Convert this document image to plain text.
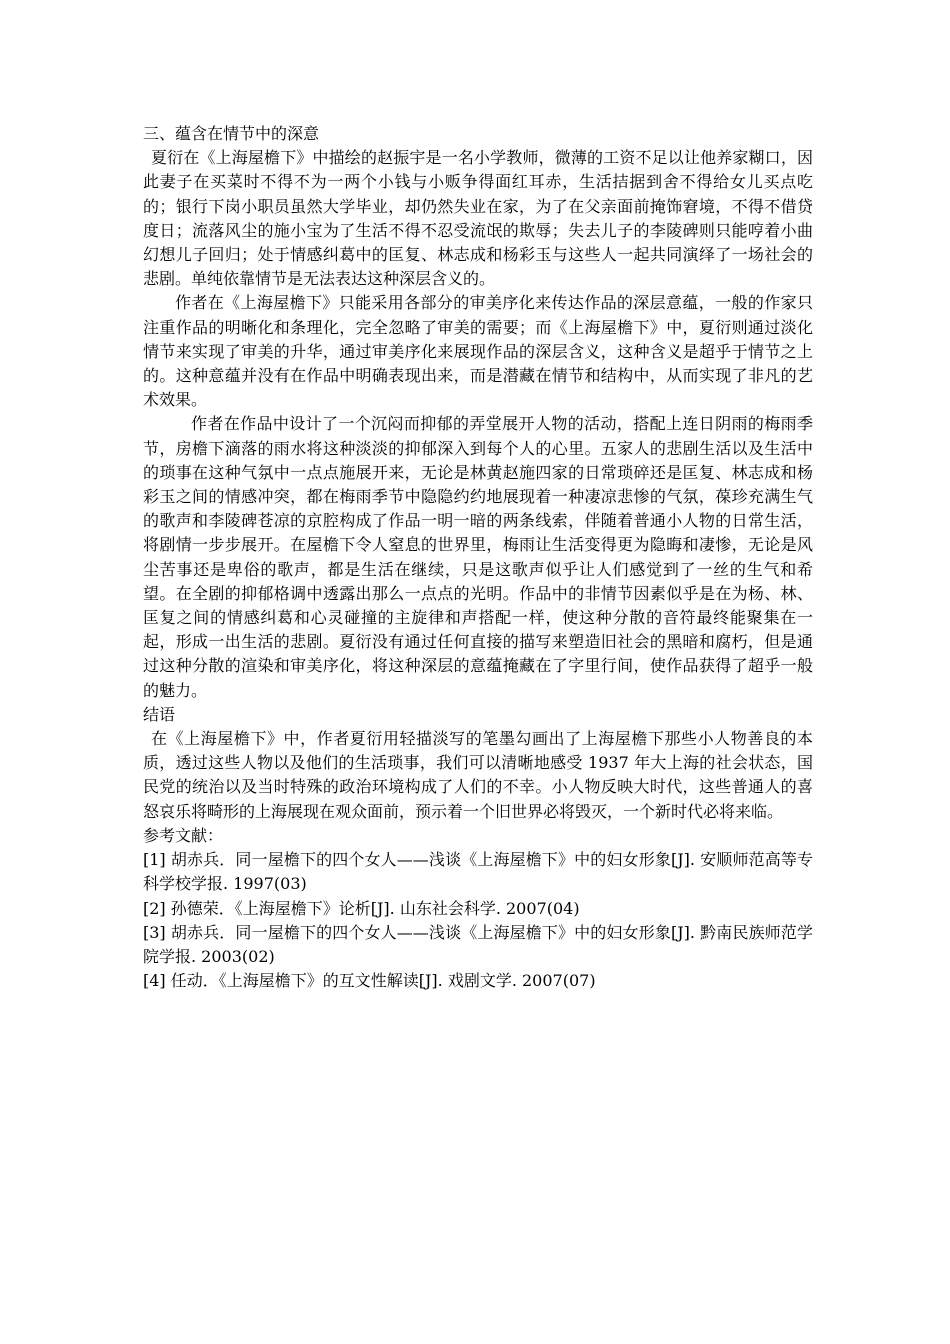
三、蕴含在情节中的深意

夏衍在《上海屋檐下》中描绘的赵振宇是一名小学教师，微薄的工资不足以让他养家糊口，因此妻子在买菜时不得不为一两个小钱与小贩争得面红耳赤，生活拮据到舍不得给女儿买点吃的；银行下岗小职员虽然大学毕业，却仍然失业在家，为了在父亲面前掩饰窘境，不得不借贷度日；流落风尘的施小宝为了生活不得不忍受流氓的欺辱；失去儿子的李陵碑则只能哼着小曲幻想儿子回归；处于情感纠葛中的匡复、林志成和杨彩玉与这些人一起共同演绎了一场社会的悲剧。单纯依靠情节是无法表达这种深层含义的。

作者在《上海屋檐下》只能采用各部分的审美序化来传达作品的深层意蕴，一般的作家只注重作品的明晰化和条理化，完全忽略了审美的需要；而《上海屋檐下》中，夏衍则通过淡化情节来实现了审美的升华，通过审美序化来展现作品的深层含义，这种含义是超乎于情节之上的。这种意蕴并没有在作品中明确表现出来，而是潜藏在情节和结构中，从而实现了非凡的艺术效果。

作者在作品中设计了一个沉闷而抑郁的弄堂展开人物的活动，搭配上连日阴雨的梅雨季节，房檐下滴落的雨水将这种淡淡的抑郁深入到每个人的心里。五家人的悲剧生活以及生活中的琐事在这种气氛中一点点施展开来，无论是林黄赵施四家的日常琐碎还是匡复、林志成和杨彩玉之间的情感冲突，都在梅雨季节中隐隐约约地展现着一种凄凉悲惨的气氛，葆珍充满生气的歌声和李陵碑苍凉的京腔构成了作品一明一暗的两条线索，伴随着普通小人物的日常生活，将剧情一步步展开。在屋檐下令人窒息的世界里，梅雨让生活变得更为隐晦和凄惨，无论是风尘苦事还是卑俗的歌声，都是生活在继续，只是这歌声似乎让人们感觉到了一丝的生气和希望。在全剧的抑郁格调中透露出那么一点点的光明。作品中的非情节因素似乎是在为杨、林、匡复之间的情感纠葛和心灵碰撞的主旋律和声搭配一样，使这种分散的音符最终能聚集在一起，形成一出生活的悲剧。夏衍没有通过任何直接的描写来塑造旧社会的黑暗和腐朽，但是通过这种分散的渲染和审美序化，将这种深层的意蕴掩藏在了字里行间，使作品获得了超乎一般的魅力。

结语

在《上海屋檐下》中，作者夏衍用轻描淡写的笔墨勾画出了上海屋檐下那些小人物善良的本质，透过这些人物以及他们的生活琐事，我们可以清晰地感受 1937 年大上海的社会状态，国民党的统治以及当时特殊的政治环境构成了人们的不幸。小人物反映大时代，这些普通人的喜怒哀乐将畸形的上海展现在观众面前，预示着一个旧世界必将毁灭，一个新时代必将来临。

参考文献：

[1] 胡赤兵．同一屋檐下的四个女人——浅谈《上海屋檐下》中的妇女形象[J]. 安顺师范高等专科学校学报. 1997(03)

[2] 孙德荣．《上海屋檐下》论析[J]. 山东社会科学. 2007(04)

[3] 胡赤兵．同一屋檐下的四个女人——浅谈《上海屋檐下》中的妇女形象[J]. 黔南民族师范学院学报. 2003(02)

[4] 任动．《上海屋檐下》的互文性解读[J]. 戏剧文学. 2007(07)
